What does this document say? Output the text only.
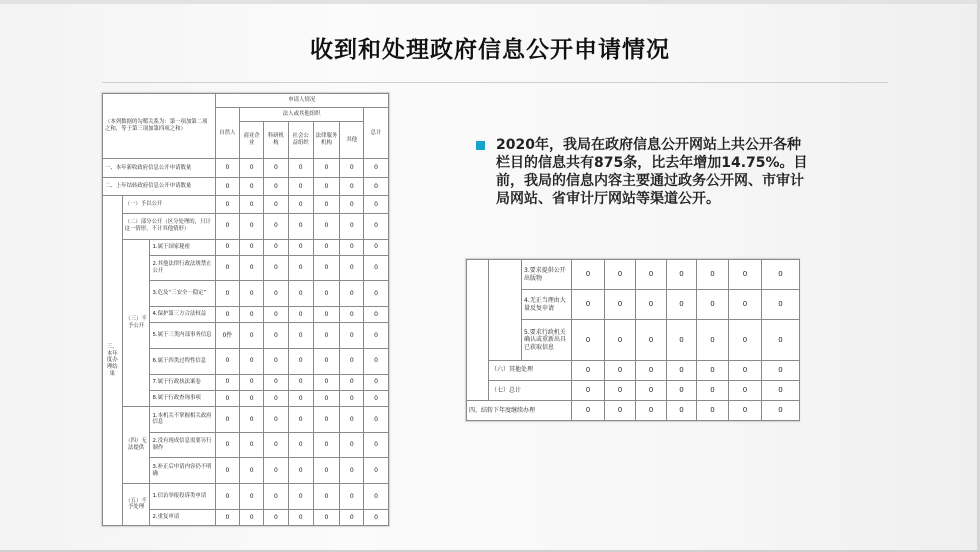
收到和处理政府信息公开申请情况
（本列数据的勾稽关系为：第一项加第二项之和，等于第三项加第四项之和）			申请人情况						
			自然人	法人或其他组织					总计
				商业企业	科研机构	社会公益组织	法律服务机构	其他	
一、本年新收政府信息公开申请数量			0	0	0	0	0	0	0
二、上年结转政府信息公开申请数量			0	0	0	0	0	0	0
三、本年度办理结果	（一）予以公开		0	0	0	0	0	0	0
	（二）部分公开（区分处理的，只计这一情形，不计其他情形）		0	0	0	0	0	0	0
	（三）不予公开	1.属于国家秘密	0	0	0	0	0	0	0
		2.其他法律行政法规禁止公开	0	0	0	0	0	0	0
		3.危及“三安全一稳定”	0	0	0	0	0	0	0
		4.保护第三方合法权益	0	0	0	0	0	0	0
		5.属于三类内部事务信息	0件	0	0	0	0	0	0
		6.属于四类过程性信息	0	0	0	0	0	0	0
		7.属于行政执法案卷	0	0	0	0	0	0	0
		8.属于行政查询事项	0	0	0	0	0	0	0
	（四）无法提供	1.本机关不掌握相关政府信息	0	0	0	0	0	0	0
		2.没有现成信息需要另行制作	0	0	0	0	0	0	0
		3.补正后申请内容仍不明确	0	0	0	0	0	0	0
	（五）不予处理	1.信访举报投诉类申请	0	0	0	0	0	0	0
		2.重复申请	0	0	0	0	0	0	0
2020年，我局在政府信息公开网站上共公开各种栏目的信息共有875条，比去年增加14.75%。目前，我局的信息内容主要通过政务公开网、市审计局网站、省审计厅网站等渠道公开。
		3.要求提供公开出版物	0	0	0	0	0	0	0
		4.无正当理由大量反复申请	0	0	0	0	0	0	0
		5.要求行政机关确认或重新出具已获取信息	0	0	0	0	0	0	0
	（六）其他处理		0	0	0	0	0	0	0
	（七）总计		0	0	0	0	0	0	0
四、结转下年度继续办理			0	0	0	0	0	0	0
